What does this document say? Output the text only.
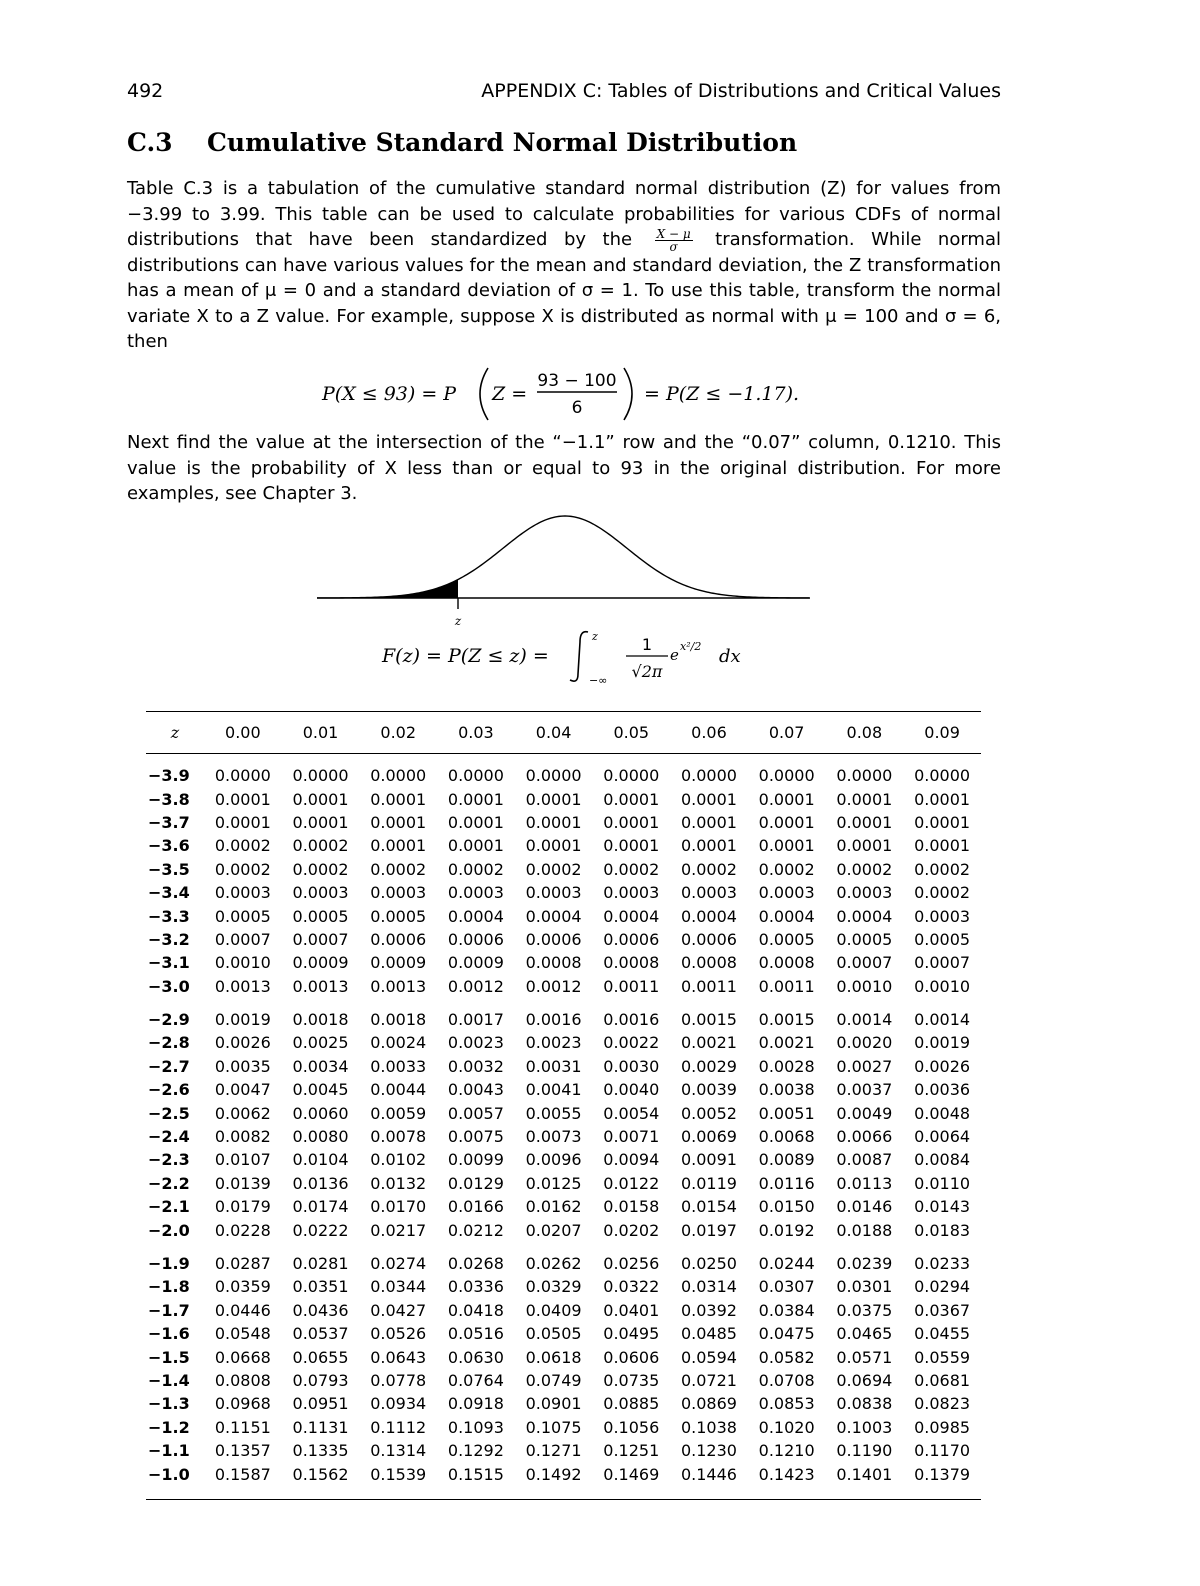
492	APPENDIX C: Tables of Distributions and Critical Values
C.3 Cumulative Standard Normal Distribution
Table C.3 is a tabulation of the cumulative standard normal distribution (Z) for values from −3.99 to 3.99. This table can be used to calculate probabilities for various CDFs of normal distributions that have been standardized by the $\frac{X - \mu}{\sigma}$ transformation. While normal distributions can have various values for the mean and standard deviation, the Z transformation has a mean of μ = 0 and a standard deviation of σ = 1. To use this table, transform the normal variate X to a Z value. For example, suppose X is distributed as normal with μ = 100 and σ = 6, then
P(X ≤ 93) = P Z =
93 − 100
6
= P(Z ≤ −1.17).
Next find the value at the intersection of the “−1.1” row and the “0.07” column, 0.1210. This value is the probability of X less than or equal to 93 in the original distribution. For more examples, see Chapter 3.
z
F(z) = P(Z ≤ z) =
z
−∞
1
√2π
e x²/2 dx
z	0.00	0.01	0.02	0.03	0.04	0.05	0.06	0.07	0.08	0.09
−3.9	0.0000	0.0000	0.0000	0.0000	0.0000	0.0000	0.0000	0.0000	0.0000	0.0000
−3.8	0.0001	0.0001	0.0001	0.0001	0.0001	0.0001	0.0001	0.0001	0.0001	0.0001
−3.7	0.0001	0.0001	0.0001	0.0001	0.0001	0.0001	0.0001	0.0001	0.0001	0.0001
−3.6	0.0002	0.0002	0.0001	0.0001	0.0001	0.0001	0.0001	0.0001	0.0001	0.0001
−3.5	0.0002	0.0002	0.0002	0.0002	0.0002	0.0002	0.0002	0.0002	0.0002	0.0002
−3.4	0.0003	0.0003	0.0003	0.0003	0.0003	0.0003	0.0003	0.0003	0.0003	0.0002
−3.3	0.0005	0.0005	0.0005	0.0004	0.0004	0.0004	0.0004	0.0004	0.0004	0.0003
−3.2	0.0007	0.0007	0.0006	0.0006	0.0006	0.0006	0.0006	0.0005	0.0005	0.0005
−3.1	0.0010	0.0009	0.0009	0.0009	0.0008	0.0008	0.0008	0.0008	0.0007	0.0007
−3.0	0.0013	0.0013	0.0013	0.0012	0.0012	0.0011	0.0011	0.0011	0.0010	0.0010
−2.9	0.0019	0.0018	0.0018	0.0017	0.0016	0.0016	0.0015	0.0015	0.0014	0.0014
−2.8	0.0026	0.0025	0.0024	0.0023	0.0023	0.0022	0.0021	0.0021	0.0020	0.0019
−2.7	0.0035	0.0034	0.0033	0.0032	0.0031	0.0030	0.0029	0.0028	0.0027	0.0026
−2.6	0.0047	0.0045	0.0044	0.0043	0.0041	0.0040	0.0039	0.0038	0.0037	0.0036
−2.5	0.0062	0.0060	0.0059	0.0057	0.0055	0.0054	0.0052	0.0051	0.0049	0.0048
−2.4	0.0082	0.0080	0.0078	0.0075	0.0073	0.0071	0.0069	0.0068	0.0066	0.0064
−2.3	0.0107	0.0104	0.0102	0.0099	0.0096	0.0094	0.0091	0.0089	0.0087	0.0084
−2.2	0.0139	0.0136	0.0132	0.0129	0.0125	0.0122	0.0119	0.0116	0.0113	0.0110
−2.1	0.0179	0.0174	0.0170	0.0166	0.0162	0.0158	0.0154	0.0150	0.0146	0.0143
−2.0	0.0228	0.0222	0.0217	0.0212	0.0207	0.0202	0.0197	0.0192	0.0188	0.0183
−1.9	0.0287	0.0281	0.0274	0.0268	0.0262	0.0256	0.0250	0.0244	0.0239	0.0233
−1.8	0.0359	0.0351	0.0344	0.0336	0.0329	0.0322	0.0314	0.0307	0.0301	0.0294
−1.7	0.0446	0.0436	0.0427	0.0418	0.0409	0.0401	0.0392	0.0384	0.0375	0.0367
−1.6	0.0548	0.0537	0.0526	0.0516	0.0505	0.0495	0.0485	0.0475	0.0465	0.0455
−1.5	0.0668	0.0655	0.0643	0.0630	0.0618	0.0606	0.0594	0.0582	0.0571	0.0559
−1.4	0.0808	0.0793	0.0778	0.0764	0.0749	0.0735	0.0721	0.0708	0.0694	0.0681
−1.3	0.0968	0.0951	0.0934	0.0918	0.0901	0.0885	0.0869	0.0853	0.0838	0.0823
−1.2	0.1151	0.1131	0.1112	0.1093	0.1075	0.1056	0.1038	0.1020	0.1003	0.0985
−1.1	0.1357	0.1335	0.1314	0.1292	0.1271	0.1251	0.1230	0.1210	0.1190	0.1170
−1.0	0.1587	0.1562	0.1539	0.1515	0.1492	0.1469	0.1446	0.1423	0.1401	0.1379
